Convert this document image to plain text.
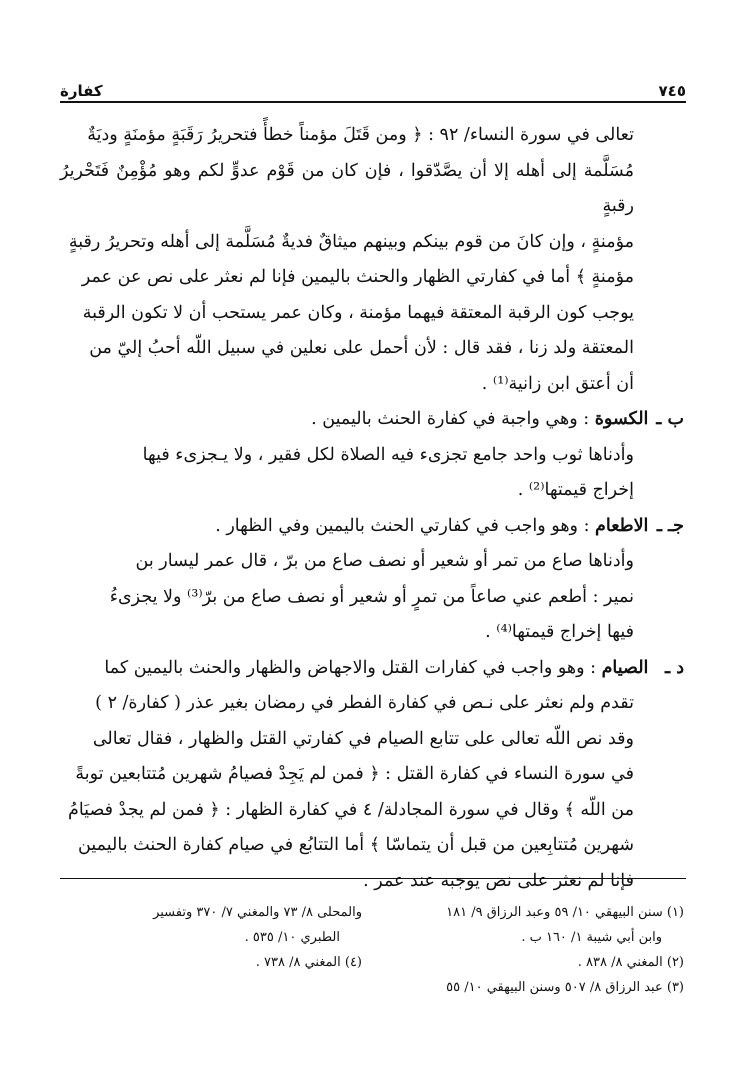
٧٤٥
كفارة

تعالى في سورة النساء/ ٩٢ : ﴿ ومن قَتَلَ مؤمناً خطأً فتحريرُ رَقَبَةٍ مؤمنَةٍ وديَةٌ

مُسَلَّمة إلى أهله إلا أن يصَّدّقوا ، فإن كان من قَوْم عدوٍّ لكم وهو مُؤْمِنٌ فَتَحْريرُ رقبةٍ

مؤمنةٍ ، وإن كانَ من قوم بينكم وبينهم ميثاقٌ فديةٌ مُسَلَّمة إلى أهله وتحريرُ رقبةٍ

مؤمنةٍ ﴾ أما في كفارتي الظهار والحنث باليمين فإنا لم نعثر على نص عن عمر

يوجب كون الرقبة المعتقة فيهما مؤمنة ، وكان عمر يستحب أن لا تكون الرقبة

المعتقة ولد زنا ، فقد قال : لأن أحمل على نعلين في سبيل اللّه أحبُ إليّ من

أن أعتق ابن زانية⁽¹⁾ .

ب ـ الكسوة : وهي واجبة في كفارة الحنث باليمين .

وأدناها ثوب واحد جامع تجزىء فيه الصلاة لكل فقير ، ولا يـجزىء فيها

إخراج قيمتها⁽²⁾ .

جـ ـ الاطعام : وهو واجب في كفارتي الحنث باليمين وفي الظهار .

وأدناها صاع من تمر أو شعير أو نصف صاع من برّ ، قال عمر ليسار بن

نمير : أطعم عني صاعاً من تمرٍ أو شعير أو نصف صاع من برّ⁽³⁾ ولا يجزىءُ

فيها إخراج قيمتها⁽⁴⁾ .

د ـ الصيام : وهو واجب في كفارات القتل والاجهاض والظهار والحنث باليمين كما

تقدم ولم نعثر على نـص في كفارة الفطر في رمضان بغير عذر ( كفارة/ ٢ )

وقد نص اللّه تعالى على تتابع الصيام في كفارتي القتل والظهار ، فقال تعالى

في سورة النساء في كفارة القتل : ﴿ فمن لم يَجِدْ فصيامُ شهرين مُتتابعين توبةً

من اللّه ﴾ وقال في سورة المجادلة/ ٤ في كفارة الظهار : ﴿ فمن لم يجدْ فصيَامُ

شهرين مُتتابِعين من قبل أن يتماسّا ﴾ أما التتابُع في صيام كفارة الحنث باليمين

فإنا لم نعثر على نص يوجبه عند عمر .

(١) سنن البيهقي ١٠/ ٥٩ وعبد الرزاق ٩/ ١٨١

وابن أبي شيبة ١/ ١٦٠ ب .

(٢) المغني ٨/ ٨٣٨ .

(٣) عبد الرزاق ٨/ ٥٠٧ وسنن البيهقي ١٠/ ٥٥

والمحلى ٨/ ٧٣ والمغني ٧/ ٣٧٠ وتفسير

الطبري ١٠/ ٥٣٥ .

(٤) المغني ٨/ ٧٣٨ .
